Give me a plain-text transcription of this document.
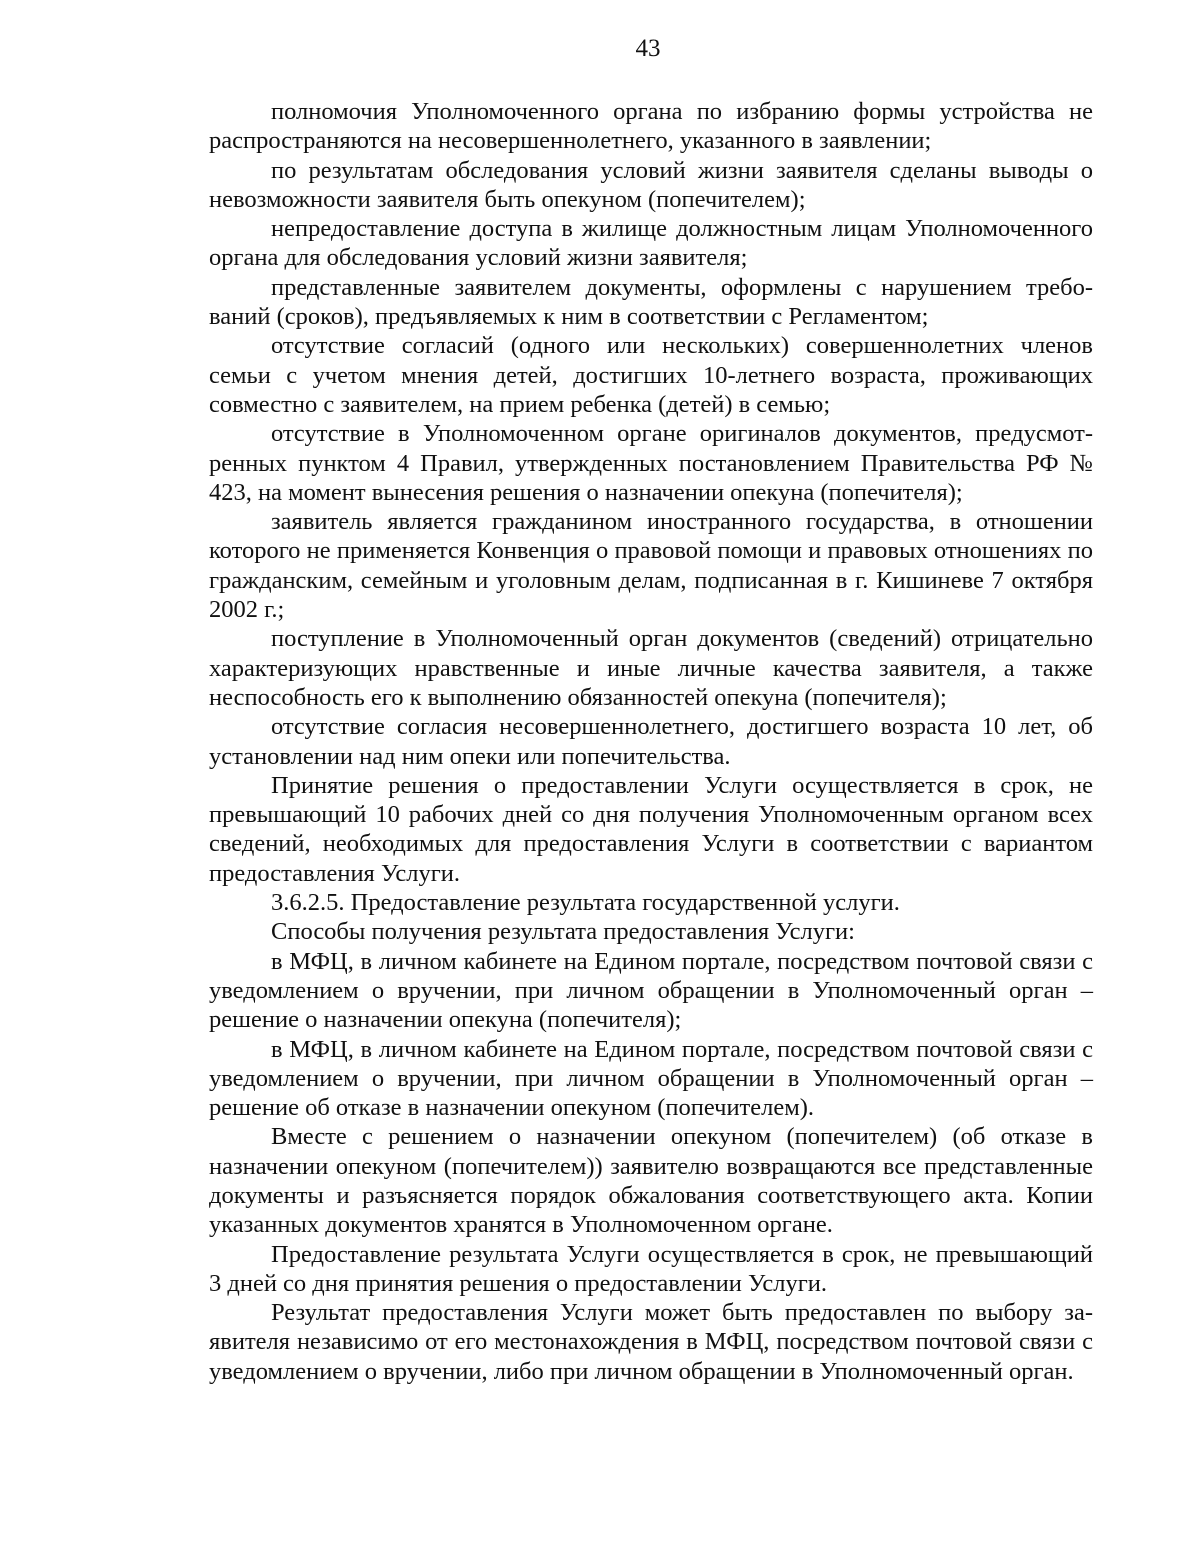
43

полномочия Уполномоченного органа по избранию формы устройства не распространяются на несовершеннолетнего, указанного в заявлении;

по результатам обследования условий жизни заявителя сделаны выводы о невозможности заявителя быть опекуном (попечителем);

непредоставление доступа в жилище должностным лицам Уполномоченного органа для обследования условий жизни заявителя;

представленные заявителем документы, оформлены с нарушением требований (сроков), предъявляемых к ним в соответствии с Регламентом;

отсутствие согласий (одного или нескольких) совершеннолетних членов семьи с учетом мнения детей, достигших 10-летнего возраста, проживающих совместно с заявителем, на прием ребенка (детей) в семью;

отсутствие в Уполномоченном органе оригиналов документов, предусмотренных пунктом 4 Правил, утвержденных постановлением Правительства РФ № 423, на момент вынесения решения о назначении опекуна (попечителя);

заявитель является гражданином иностранного государства, в отношении которого не применяется Конвенция о правовой помощи и правовых отношениях по гражданским, семейным и уголовным делам, подписанная в г. Кишиневе 7 октября 2002 г.;

поступление в Уполномоченный орган документов (сведений) отрицательно характеризующих нравственные и иные личные качества заявителя, а также неспособность его к выполнению обязанностей опекуна (попечителя);

отсутствие согласия несовершеннолетнего, достигшего возраста 10 лет, об установлении над ним опеки или попечительства.

Принятие решения о предоставлении Услуги осуществляется в срок, не превышающий 10 рабочих дней со дня получения Уполномоченным органом всех сведений, необходимых для предоставления Услуги в соответствии с вариантом предоставления Услуги.

3.6.2.5. Предоставление результата государственной услуги.

Способы получения результата предоставления Услуги:

в МФЦ, в личном кабинете на Едином портале, посредством почтовой связи с уведомлением о вручении, при личном обращении в Уполномоченный орган – решение о назначении опекуна (попечителя);

в МФЦ, в личном кабинете на Едином портале, посредством почтовой связи с уведомлением о вручении, при личном обращении в Уполномоченный орган – решение об отказе в назначении опекуном (попечителем).

Вместе с решением о назначении опекуном (попечителем) (об отказе в назначении опекуном (попечителем)) заявителю возвращаются все представленные документы и разъясняется порядок обжалования соответствующего акта. Копии указанных документов хранятся в Уполномоченном органе.

Предоставление результата Услуги осуществляется в срок, не превышающий 3 дней со дня принятия решения о предоставлении Услуги.

Результат предоставления Услуги может быть предоставлен по выбору заявителя независимо от его местонахождения в МФЦ, посредством почтовой связи с уведомлением о вручении, либо при личном обращении в Уполномоченный орган.
